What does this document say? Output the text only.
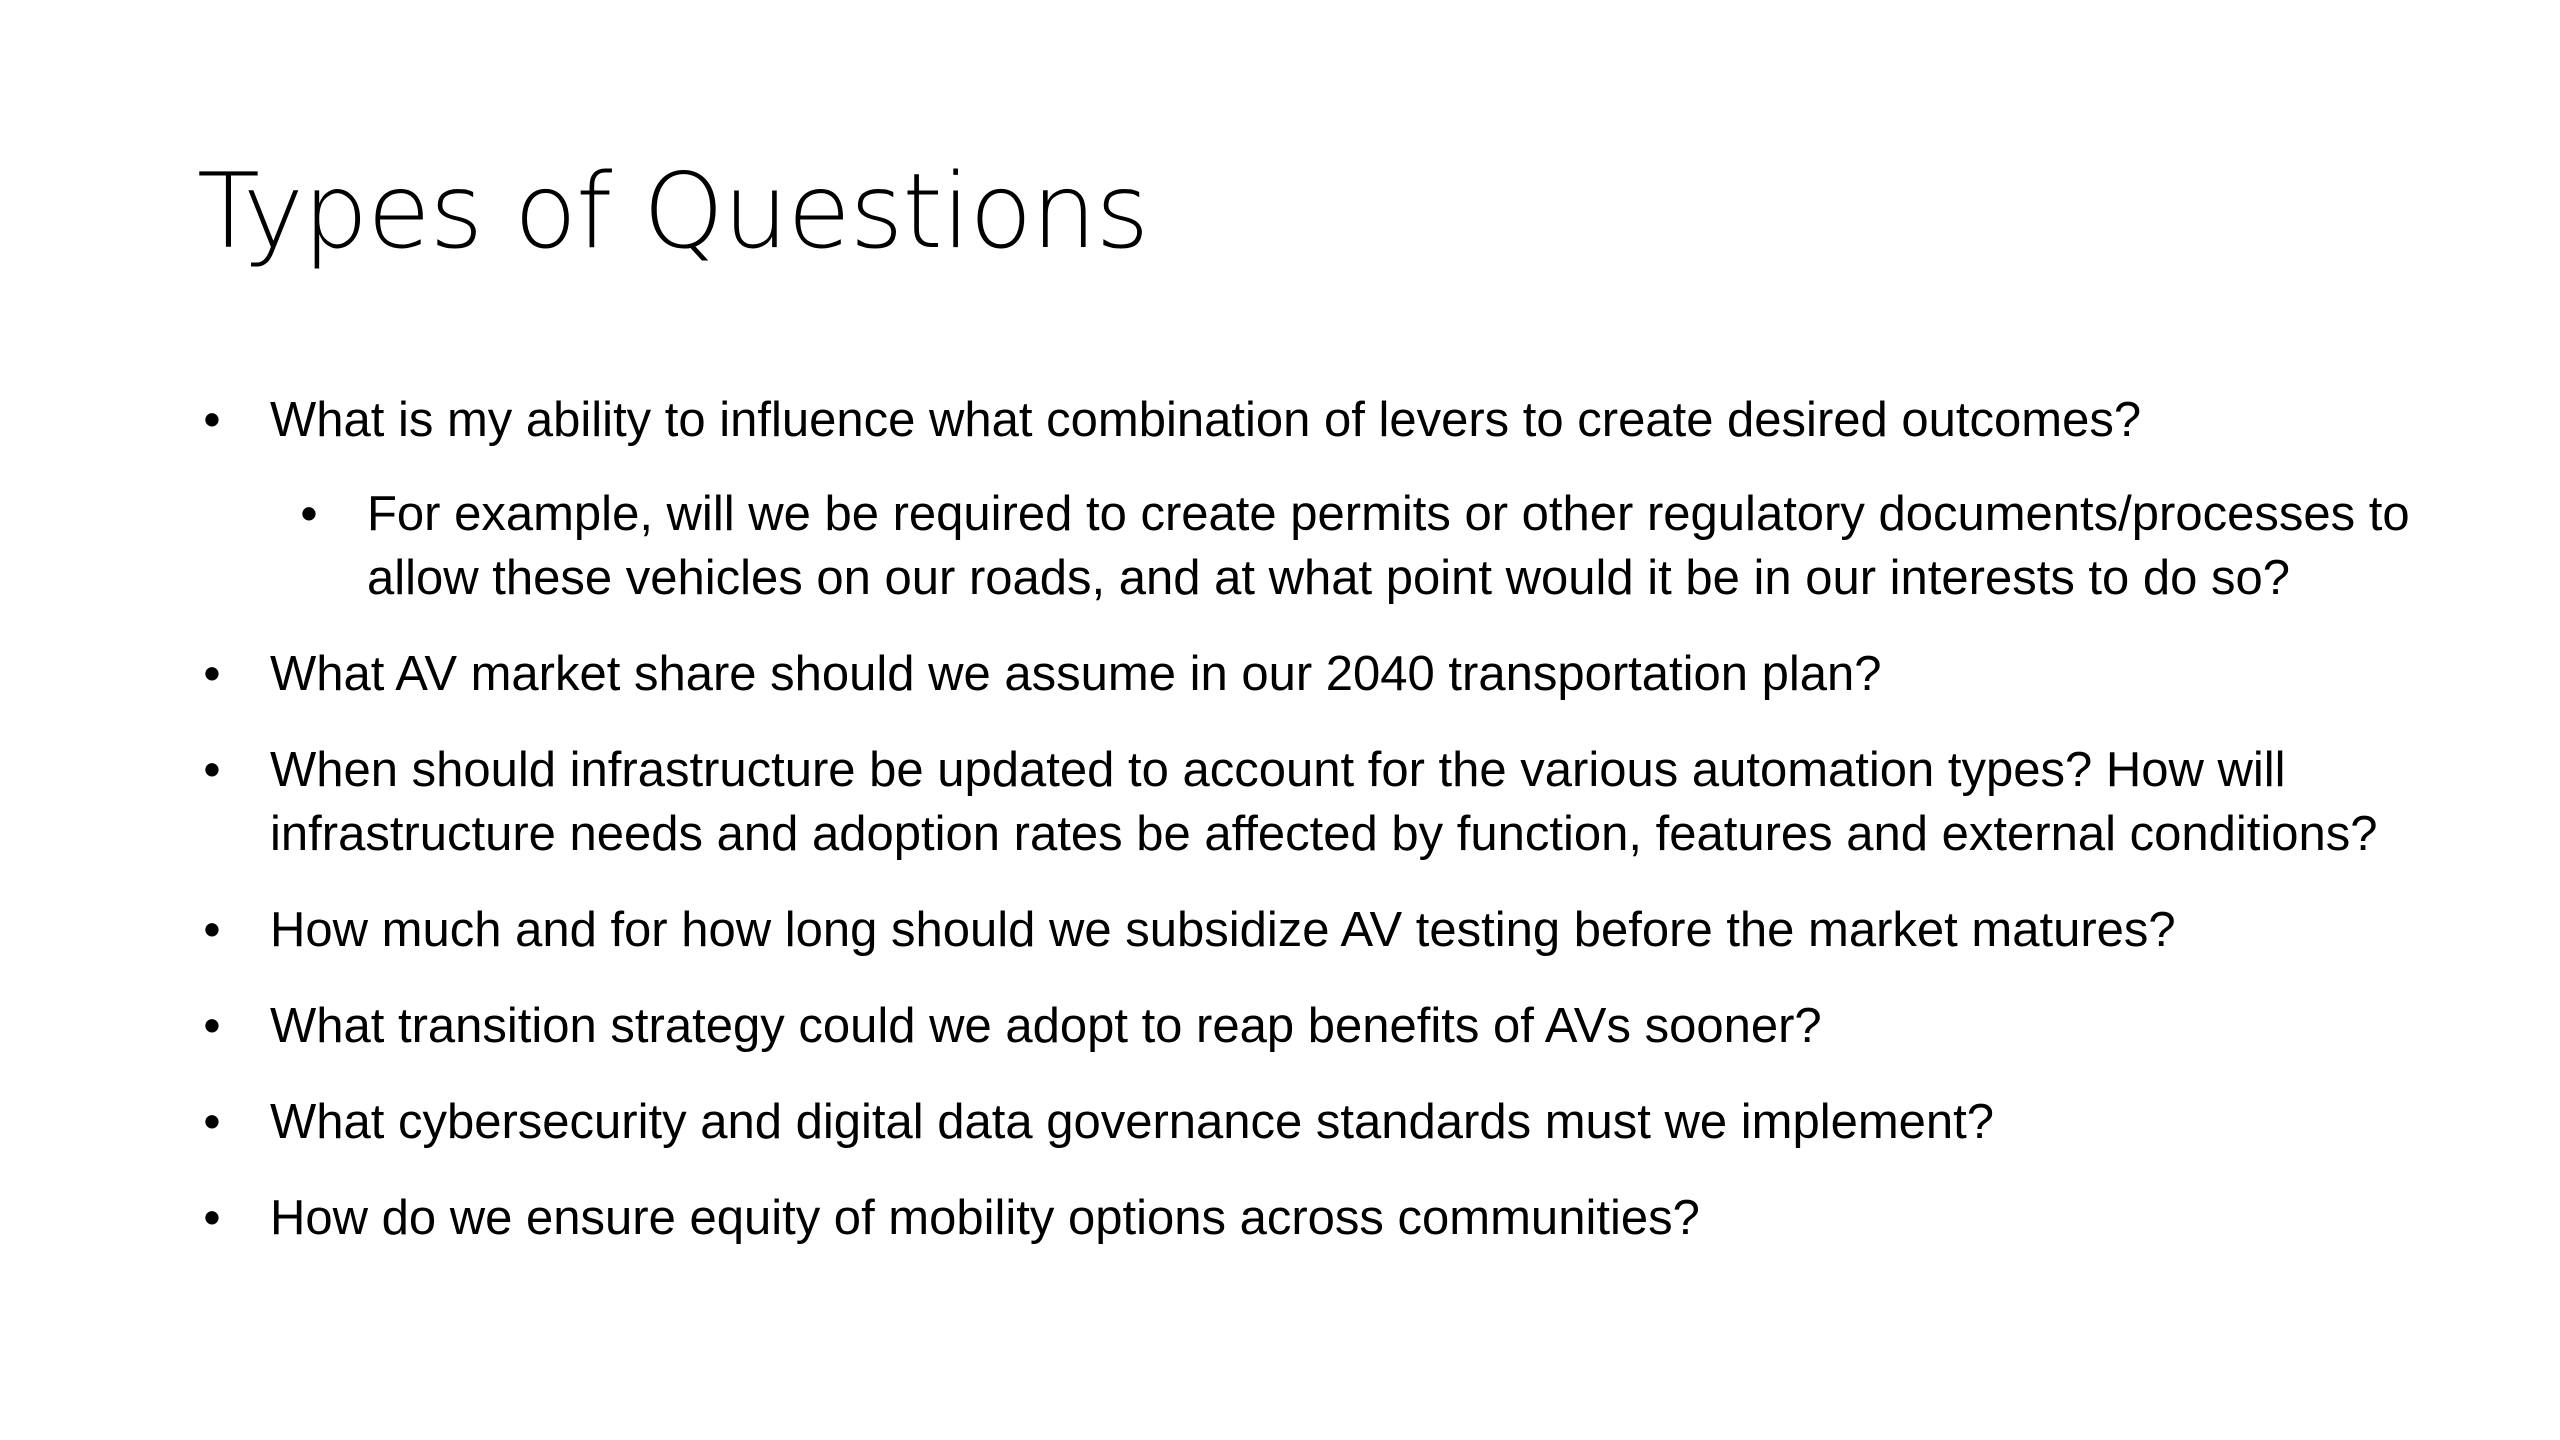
Types of Questions
• What is my ability to influence what combination of levers to create desired outcomes?
• For example, will we be required to create permits or other regulatory documents/processes to allow these vehicles on our roads, and at what point would it be in our interests to do so?
• What AV market share should we assume in our 2040 transportation plan?
• When should infrastructure be updated to account for the various automation types? How will infrastructure needs and adoption rates be affected by function, features and external conditions?
• How much and for how long should we subsidize AV testing before the market matures?
• What transition strategy could we adopt to reap benefits of AVs sooner?
• What cybersecurity and digital data governance standards must we implement?
• How do we ensure equity of mobility options across communities?
